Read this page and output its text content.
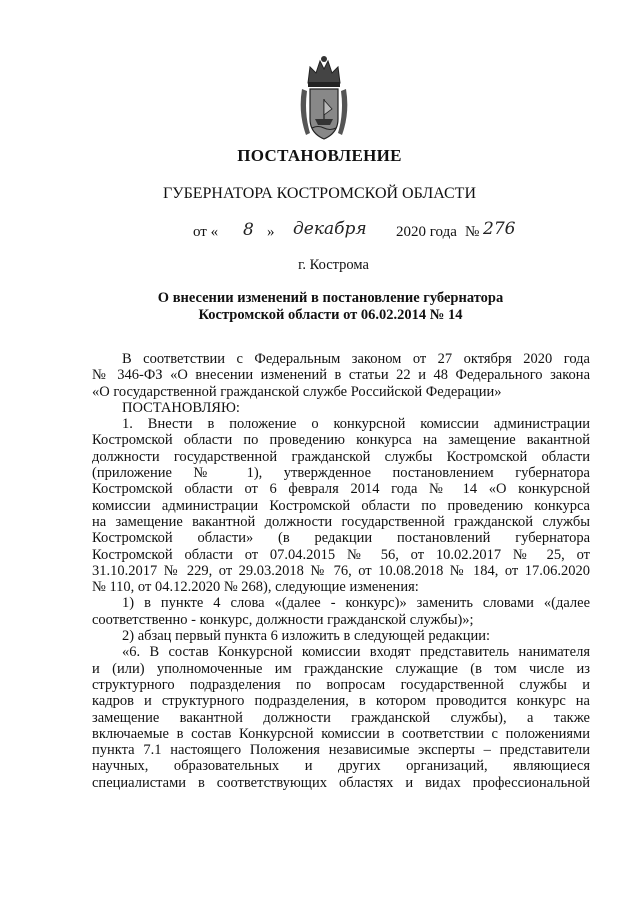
ПОСТАНОВЛЕНИЕ
ГУБЕРНАТОРА КОСТРОМСКОЙ ОБЛАСТИ
от « 8 » декабря 2020 года № 276
г. Кострома
О внесении изменений в постановление губернатора
Костромской области от 06.02.2014 № 14
В соответствии с Федеральным законом от 27 октября 2020 года
№ 346-ФЗ «О внесении изменений в статьи 22 и 48 Федерального закона
«О государственной гражданской службе Российской Федерации»
ПОСТАНОВЛЯЮ:
1. Внести в положение о конкурсной комиссии администрации
Костромской области по проведению конкурса на замещение вакантной
должности государственной гражданской службы Костромской области
(приложение № 1), утвержденное постановлением губернатора
Костромской области от 6 февраля 2014 года № 14 «О конкурсной
комиссии администрации Костромской области по проведению конкурса
на замещение вакантной должности государственной гражданской службы
Костромской области» (в редакции постановлений губернатора
Костромской области от 07.04.2015 № 56, от 10.02.2017 № 25, от
31.10.2017 № 229, от 29.03.2018 № 76, от 10.08.2018 № 184, от 17.06.2020
№ 110, от 04.12.2020 № 268), следующие изменения:
1) в пункте 4 слова «(далее - конкурс)» заменить словами «(далее
соответственно - конкурс, должности гражданской службы)»;
2) абзац первый пункта 6 изложить в следующей редакции:
«6. В состав Конкурсной комиссии входят представитель нанимателя
и (или) уполномоченные им гражданские служащие (в том числе из
структурного подразделения по вопросам государственной службы и
кадров и структурного подразделения, в котором проводится конкурс на
замещение вакантной должности гражданской службы), а также
включаемые в состав Конкурсной комиссии в соответствии с положениями
пункта 7.1 настоящего Положения независимые эксперты – представители
научных, образовательных и других организаций, являющиеся
специалистами в соответствующих областях и видах профессиональной
